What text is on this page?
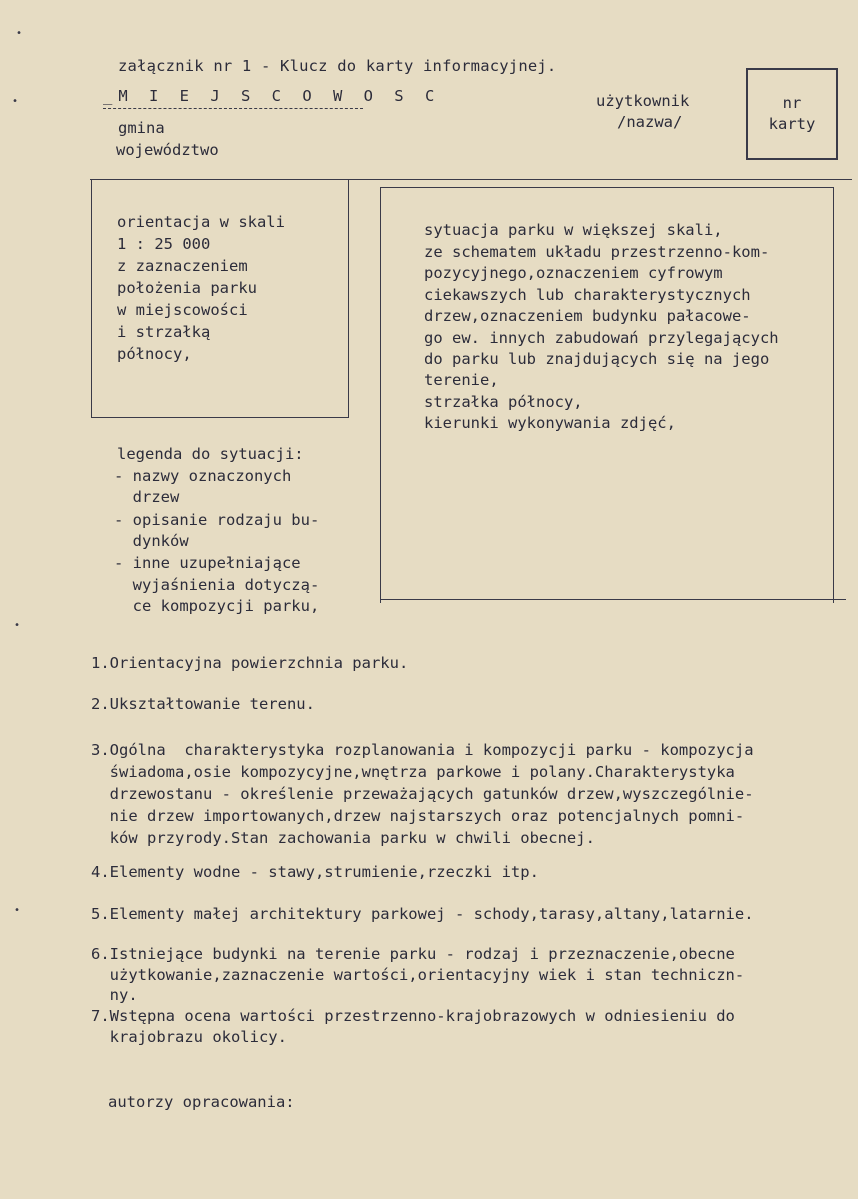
załącznik nr 1 - Klucz do karty informacyjnej.
_M I E J S C O W O S C
gmina
województwo
użytkownik
/nazwa/
nr
karty
orientacja w skali
1 : 25 000
z zaznaczeniem
położenia parku
w miejscowości
i strzałką
północy,
legenda do sytuacji:
- nazwy oznaczonych
drzew
- opisanie rodzaju bu-
dynków
- inne uzupełniające
wyjaśnienia dotyczą-
ce kompozycji parku,
sytuacja parku w większej skali,
ze schematem układu przestrzenno-kom-
pozycyjnego,oznaczeniem cyfrowym
ciekawszych lub charakterystycznych
drzew,oznaczeniem budynku pałacowe-
go ew. innych zabudowań przylegających
do parku lub znajdujących się na jego
terenie,
strzałka północy,
kierunki wykonywania zdjęć,
1.Orientacyjna powierzchnia parku.
2.Ukształtowanie terenu.
3.Ogólna  charakterystyka rozplanowania i kompozycji parku - kompozycja
świadoma,osie kompozycyjne,wnętrza parkowe i polany.Charakterystyka
drzewostanu - określenie przeważających gatunków drzew,wyszczególnie-
nie drzew importowanych,drzew najstarszych oraz potencjalnych pomni-
ków przyrody.Stan zachowania parku w chwili obecnej.
4.Elementy wodne - stawy,strumienie,rzeczki itp.
5.Elementy małej architektury parkowej - schody,tarasy,altany,latarnie.
6.Istniejące budynki na terenie parku - rodzaj i przeznaczenie,obecne
użytkowanie,zaznaczenie wartości,orientacyjny wiek i stan techniczn-
ny.
7.Wstępna ocena wartości przestrzenno-krajobrazowych w odniesieniu do
krajobrazu okolicy.
autorzy opracowania:
•
•
•
•
